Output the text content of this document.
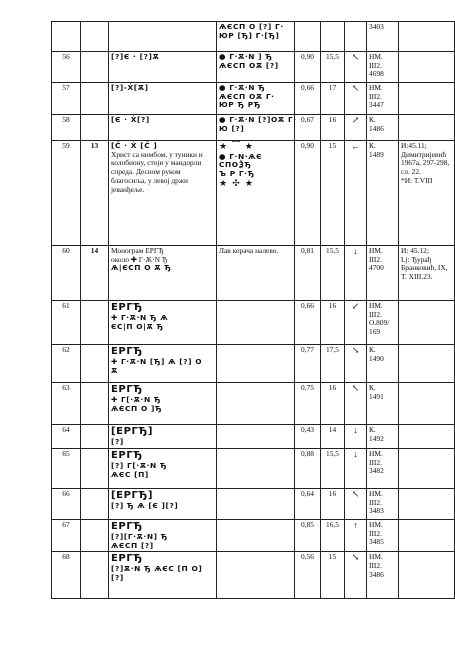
			ѦЄСП О [?] Г·
ЮР [Ђ] Г·[Ђ]				3403	

56		[?]Є · [?]Ѫ	● Г·Ѫ·Ν ] Ђ
ѦЄСП ОѪ [?]	0,90	15,5	↖	НМ.
III2.
4698	

57		[?]-Ẋ[Ѫ]	● Г·Ѫ·Ν Ђ
ѦЄСП ОѪ Г·
ЮР Ђ РЂ	0,66	17	↖	НМ.
III2.
3447	

58		[Є · Ẋ[?]	● Г·Ѫ·Ν [?]ОѪ Г·
Ю [?]	0,67	16	↗	К.
1486	

59	13	[Ĉ̃ · Ẋ [Ĉ̃ ]
Христ са нимбом, у туники и колобиону, стоји у мандорли спреда. Десном руком благосиља, у левој држи јеванђеље.	★ ⁀ ★
● Г·Ν·ѦЄ
СПОѮЂ
Ъ Р Г·Ђ
★ ✣ ★	0,90	15	←	К.
1489	И:45.11;
Димитријевић 1967a, 297-298, сл. 22.
*И: T.VIII

60	14	Монограм ЕРГЂ
около ✚ Г·Ѫ·Ν Ђ
Ѧ|ЄСП О Ѫ Ђ	Лав корача налево.	0,81	15,5	↓	НМ.
III2.
4700	И: 45.12;
Lj: Ђурађ Бранковић, IX, T. XIII.23.

61		ЕРГЂ
✚ Г·Ѫ·Ν Ђ Ѧ
ЄС|П О|Ѫ Ђ		0,66	16	↙	НМ.
III2.
O.809/
169	

62		ЕРГЂ
✚ Г·Ѫ·Ν [Ђ] Ѧ [?] О
Ѫ		0,77	17,5	↘	К.
1490	

63		ЕРГЂ
✚ Г[·Ѫ·Ν Ђ
ѦЄСП О ]Ђ		0,75	16	↖	К.
1491	

64		[ЕРГЂ]
[?]		0,43	14	↓	К.
1492	

65		ЕРГЂ
[?] Г[·Ѫ·Ν Ђ
ѦЄС [П]		0,88	15,5	↓	НМ.
III2.
3482	

66		[ЕРГЂ]
[?] Ђ Ѧ [Є ][?]		0,64	16	↖	НМ.
III2.
3483	

67		ЕРГЂ
[?][Г·Ѫ·Ν] Ђ
ѦЄСП [?]		0,85	16,5	↑	НМ.
III2.
3485	

68		ЕРГЂ
[?]Ѫ·Ν Ђ ѦЄС [П О]
[?]		0,56	15	↘	НМ.
III2.
3486	
